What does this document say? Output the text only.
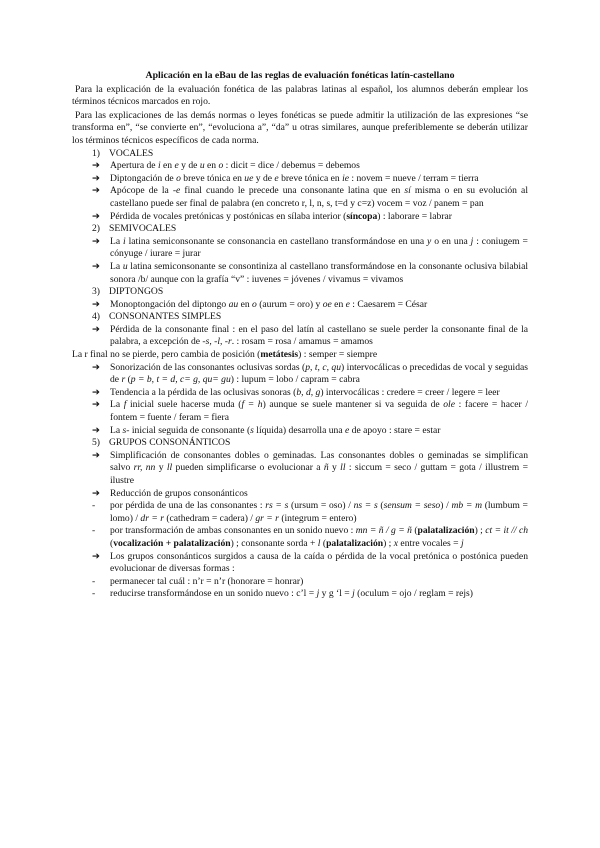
Aplicación en la eBau de las reglas de evaluación fonéticas latín-castellano

Para la explicación de la evaluación fonética de las palabras latinas al español, los alumnos deberán emplear los términos técnicos marcados en rojo.

Para las explicaciones de las demás normas o leyes fonéticas se puede admitir la utilización de las expresiones “se transforma en”, “se convierte en”, “evoluciona a”, “da” u otras similares, aunque preferiblemente se deberán utilizar los términos técnicos específicos de cada norma.

1) VOCALES
➔	Apertura de i en e y de u en o : dicit = dice / debemus = debemos
➔	Diptongación de o breve tónica en ue y de e breve tónica en ie : novem = nueve / terram = tierra
➔	Apócope de la -e final cuando le precede una consonante latina que en sí misma o en su evolución al castellano puede ser final de palabra (en concreto r, l, n, s, t=d y c=z) vocem = voz / panem = pan
➔	Pérdida de vocales pretónicas y postónicas en sílaba interior (síncopa) : laborare = labrar
2) SEMIVOCALES
➔	La i latina semiconsonante se consonancia en castellano transformándose en una y o en una j : coniugem = cónyuge / iurare = jurar
➔	La u latina semiconsonante se consontiniza al castellano transformándose en la consonante oclusiva bilabial sonora /b/ aunque con la grafía “v” : iuvenes = jóvenes / vivamus = vivamos
3) DIPTONGOS
➔	Monoptongación del diptongo au en o (aurum = oro) y oe en e : Caesarem = César
4) CONSONANTES SIMPLES
➔	Pérdida de la consonante final : en el paso del latín al castellano se suele perder la consonante final de la palabra, a excepción de -s, -l, -r. : rosam = rosa / amamus = amamos

La r final no se pierde, pero cambia de posición (metátesis) : semper = siempre

➔	Sonorización de las consonantes oclusivas sordas (p, t, c, qu) intervocálicas o precedidas de vocal y seguidas de r (p = b, t = d, c= g, qu= gu) : lupum = lobo / capram = cabra
➔	Tendencia a la pérdida de las oclusivas sonoras (b, d, g) intervocálicas : credere = creer / legere = leer
➔	La f inicial suele hacerse muda (f = h) aunque se suele mantener si va seguida de ole : facere = hacer / fontem = fuente / feram = fiera
➔	La s- inicial seguida de consonante (s líquida) desarrolla una e de apoyo : stare = estar
5) GRUPOS CONSONÁNTICOS
➔	Simplificación de consonantes dobles o geminadas. Las consonantes dobles o geminadas se simplifican salvo rr, nn y ll pueden simplificarse o evolucionar a ñ y ll : siccum = seco / guttam = gota / illustrem = ilustre
➔	Reducción de grupos consonánticos
-	por pérdida de una de las consonantes : rs = s (ursum = oso) / ns = s (sensum = seso) / mb = m (lumbum = lomo) / dr = r (cathedram = cadera) / gr = r (integrum = entero)
-	por transformación de ambas consonantes en un sonido nuevo : mn = ñ / g = ñ (palatalización) ; ct = it // ch (vocalización + palatalización) ; consonante sorda + l (palatalización) ; x entre vocales = j
➔	Los grupos consonánticos surgidos a causa de la caída o pérdida de la vocal pretónica o postónica pueden evolucionar de diversas formas :
-	permanecer tal cuál : n’r = n’r (honorare = honrar)
-	reducirse transformándose en un sonido nuevo : c’l = j y g ‘l = j (oculum = ojo / reglam = rejs)
